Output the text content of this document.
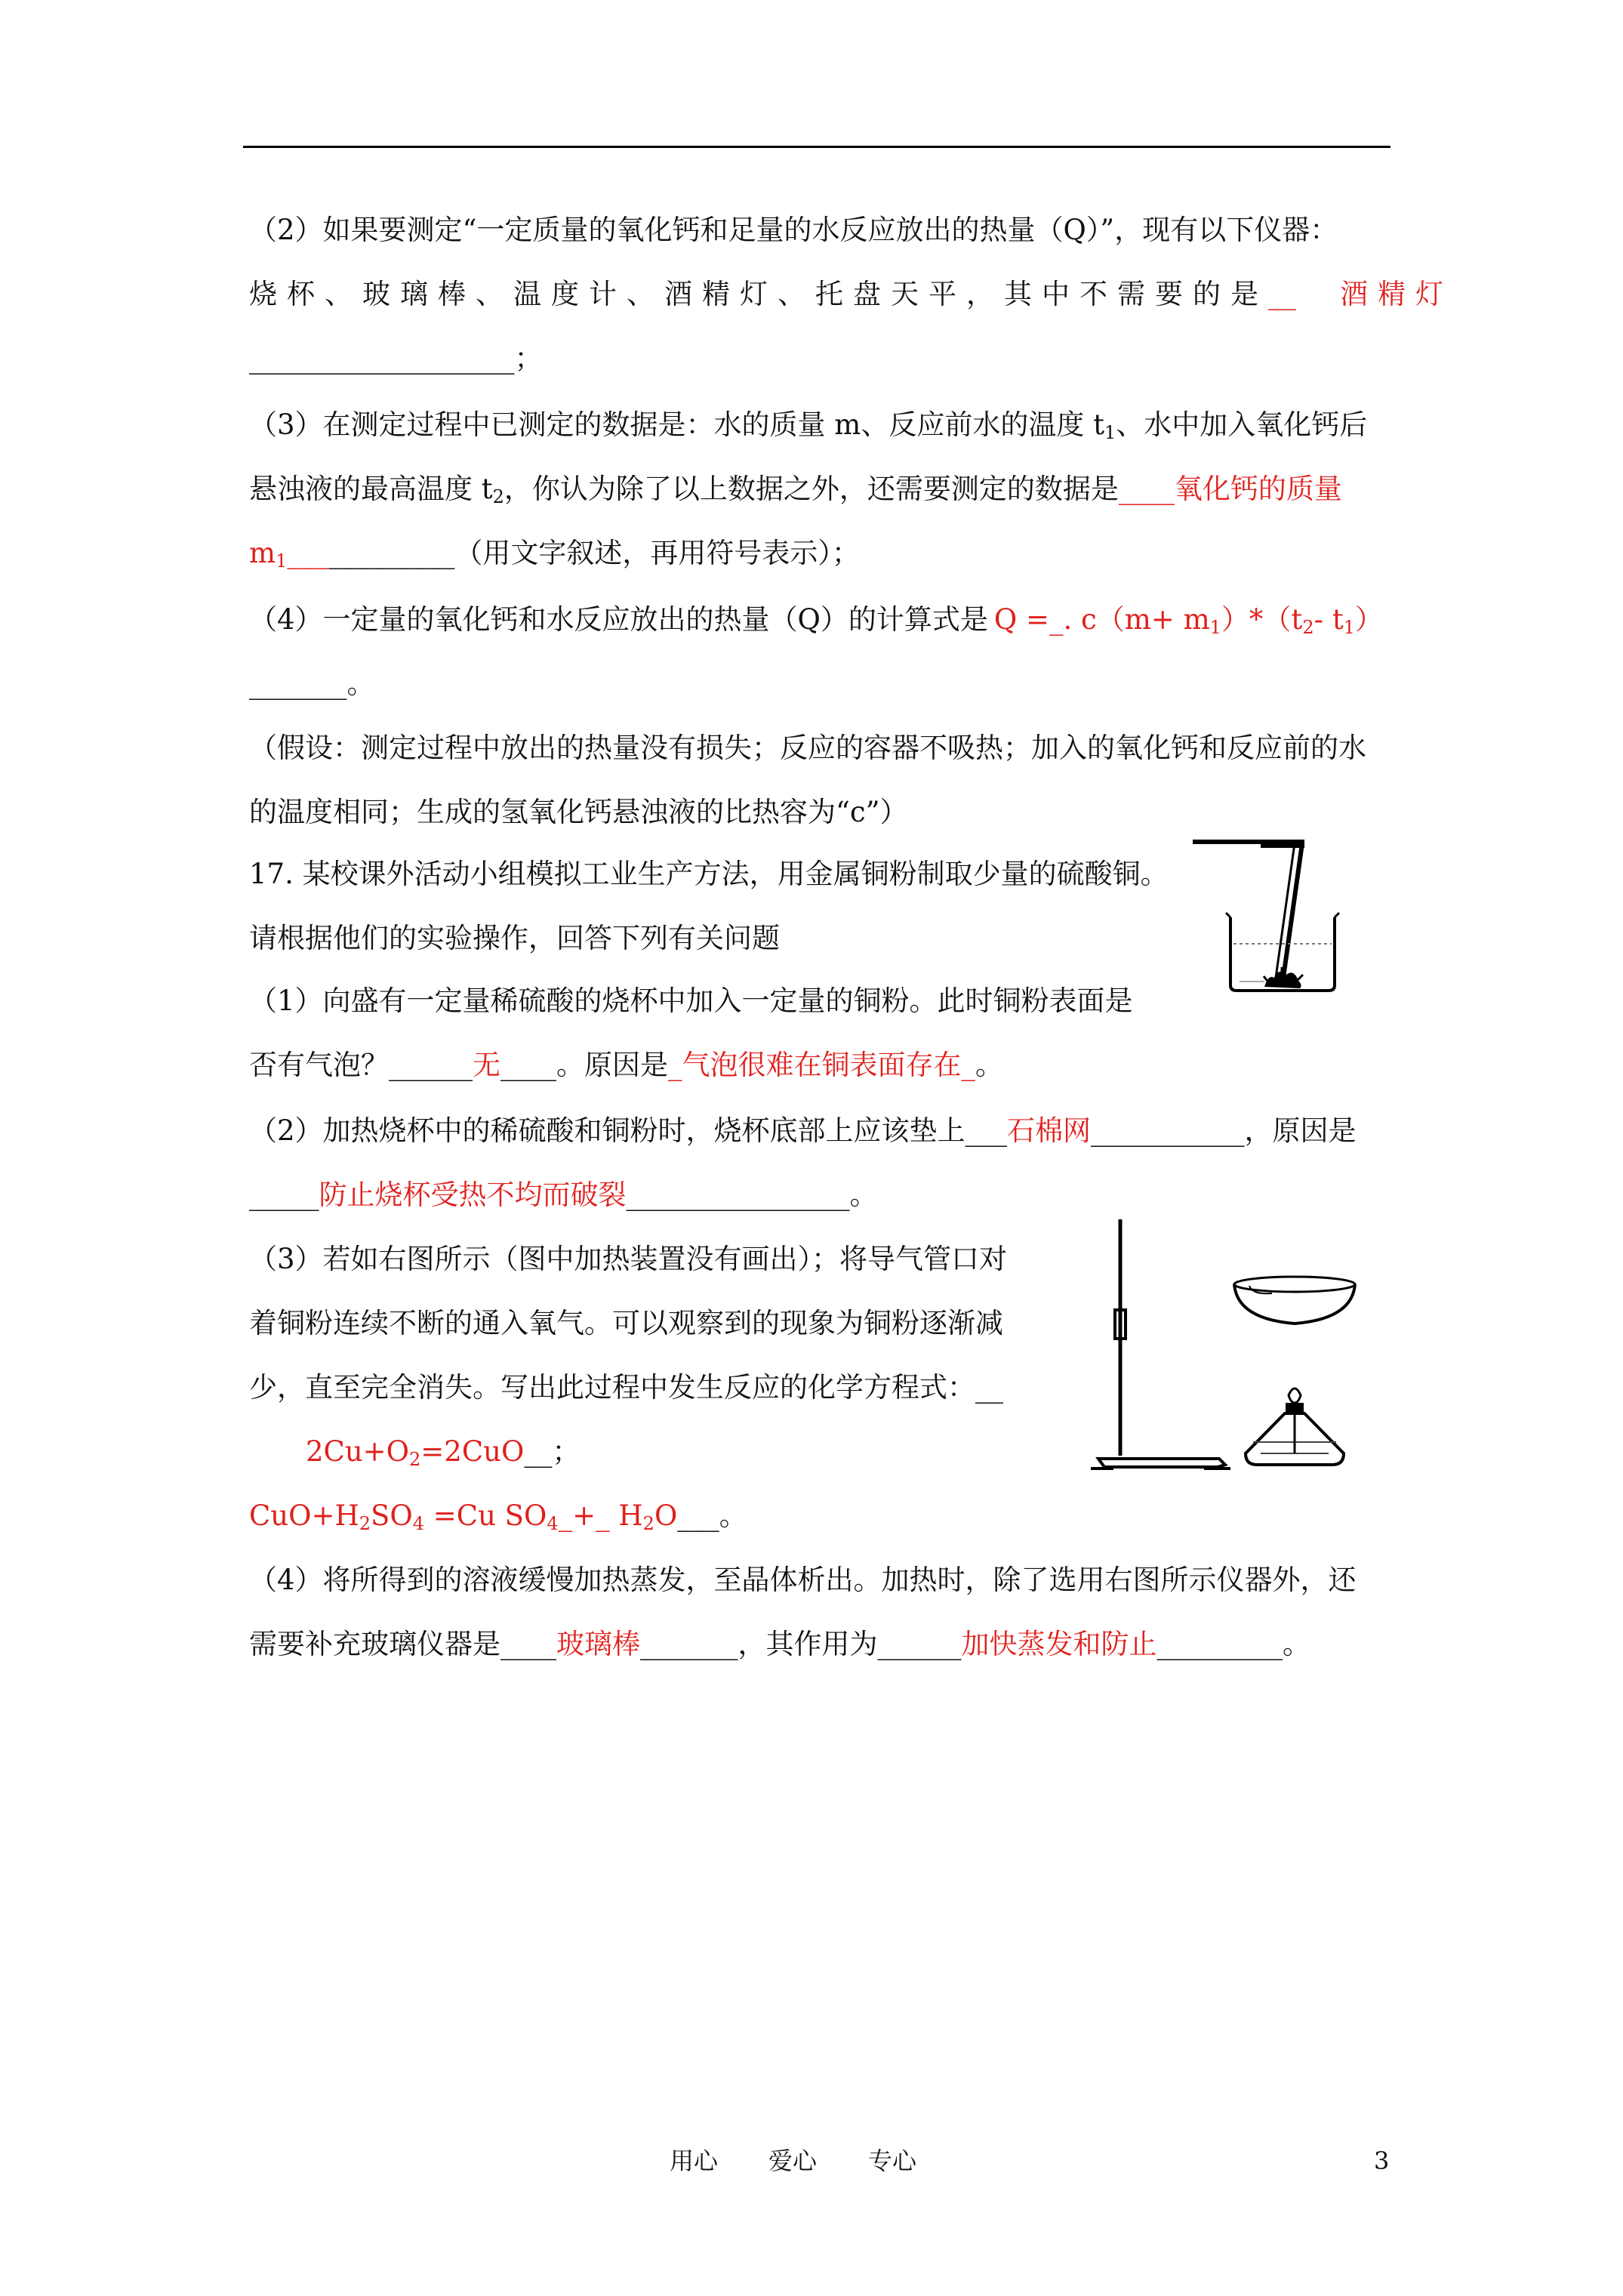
（2）如果要测定“一定质量的氧化钙和足量的水反应放出的热量（Q）”，现有以下仪器：
烧杯、玻璃棒、温度计、酒精灯、托盘天平，其中不需要的是__ 酒精灯
___________________；
（3）在测定过程中已测定的数据是：水的质量 m、反应前水的温度 $t_1$、水中加入氧化钙后
悬浊液的最高温度 $t_2$，你认为除了以上数据之外，还需要测定的数据是____氧化钙的质量
$m_1\_\_\_\_\_\_\_\_\_\_\_\_$（用文字叙述，再用符号表示）；
（4）一定量的氧化钙和水反应放出的热量（Q）的计算式是 Q =_. $c(m+ m_1)*(t_2-$ $t_1$）
_______。
（假设：测定过程中放出的热量没有损失；反应的容器不吸热；加入的氧化钙和反应前的水
的温度相同；生成的氢氧化钙悬浊液的比热容为“c”）
17. 某校课外活动小组模拟工业生产方法，用金属铜粉制取少量的硫酸铜。
请根据他们的实验操作，回答下列有关问题
（1）向盛有一定量稀硫酸的烧杯中加入一定量的铜粉。此时铜粉表面是
否有气泡？______无____。原因是_气泡很难在铜表面存在_。
（2）加热烧杯中的稀硫酸和铜粉时，烧杯底部上应该垫上___石棉网___________，原因是
_____防止烧杯受热不均而破裂________________。
（3）若如右图所示（图中加热装置没有画出）；将导气管口对
着铜粉连续不断的通入氧气。可以观察到的现象为铜粉逐渐减
少，直至完全消失。写出此过程中发生反应的化学方程式：__
$2Cu+O_2=2CuO\_\_$；
$CuO+H_2SO_4 =Cu$ $SO_4\_+\_$ $H_2O\_\_\_$。
（4）将所得到的溶液缓慢加热蒸发，至晶体析出。加热时，除了选用右图所示仪器外，还
需要补充玻璃仪器是____玻璃棒_______，其作用为______加快蒸发和防止_________。
用心 爱心 专心	3
